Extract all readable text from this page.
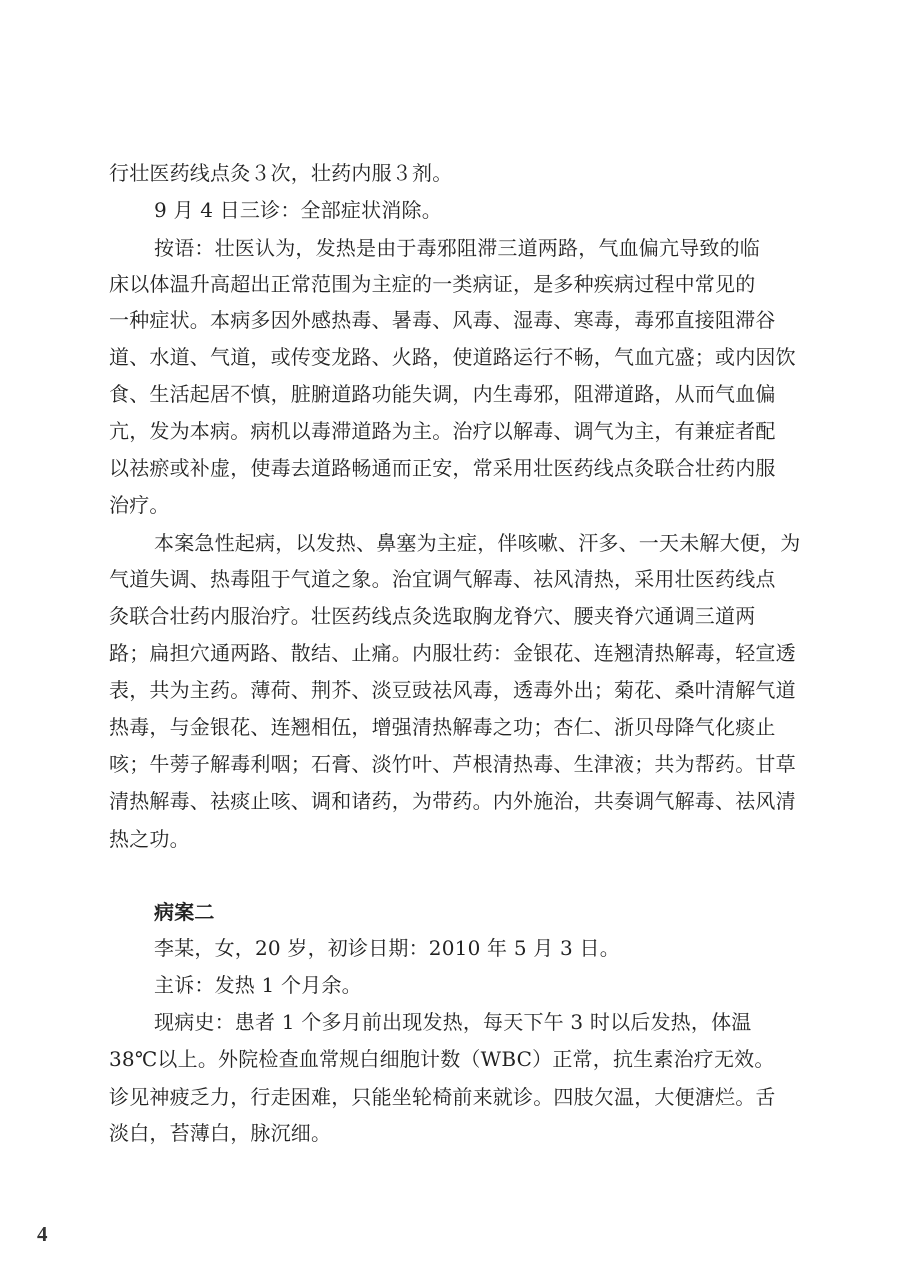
行壮医药线点灸３次，壮药内服３剂。
9 月 4 日三诊：全部症状消除。
按语：壮医认为，发热是由于毒邪阻滞三道两路，气血偏亢导致的临
床以体温升高超出正常范围为主症的一类病证，是多种疾病过程中常见的
一种症状。本病多因外感热毒、暑毒、风毒、湿毒、寒毒，毒邪直接阻滞谷
道、水道、气道，或传变龙路、火路，使道路运行不畅，气血亢盛；或内因饮
食、生活起居不慎，脏腑道路功能失调，内生毒邪，阻滞道路，从而气血偏
亢，发为本病。病机以毒滞道路为主。治疗以解毒、调气为主，有兼症者配
以祛瘀或补虚，使毒去道路畅通而正安，常采用壮医药线点灸联合壮药内服
治疗。
本案急性起病，以发热、鼻塞为主症，伴咳嗽、汗多、一天未解大便，为
气道失调、热毒阻于气道之象。治宜调气解毒、祛风清热，采用壮医药线点
灸联合壮药内服治疗。壮医药线点灸选取胸龙脊穴、腰夹脊穴通调三道两
路；扁担穴通两路、散结、止痛。内服壮药：金银花、连翘清热解毒，轻宣透
表，共为主药。薄荷、荆芥、淡豆豉祛风毒，透毒外出；菊花、桑叶清解气道
热毒，与金银花、连翘相伍，增强清热解毒之功；杏仁、浙贝母降气化痰止
咳；牛蒡子解毒利咽；石膏、淡竹叶、芦根清热毒、生津液；共为帮药。甘草
清热解毒、祛痰止咳、调和诸药，为带药。内外施治，共奏调气解毒、祛风清
热之功。
病案二
李某，女，20 岁，初诊日期：2010 年 5 月 3 日。
主诉：发热 1 个月余。
现病史：患者 1 个多月前出现发热，每天下午 3 时以后发热，体温
38℃以上。外院检查血常规白细胞计数（WBC）正常，抗生素治疗无效。
诊见神疲乏力，行走困难，只能坐轮椅前来就诊。四肢欠温，大便溏烂。舌
淡白，苔薄白，脉沉细。
4
